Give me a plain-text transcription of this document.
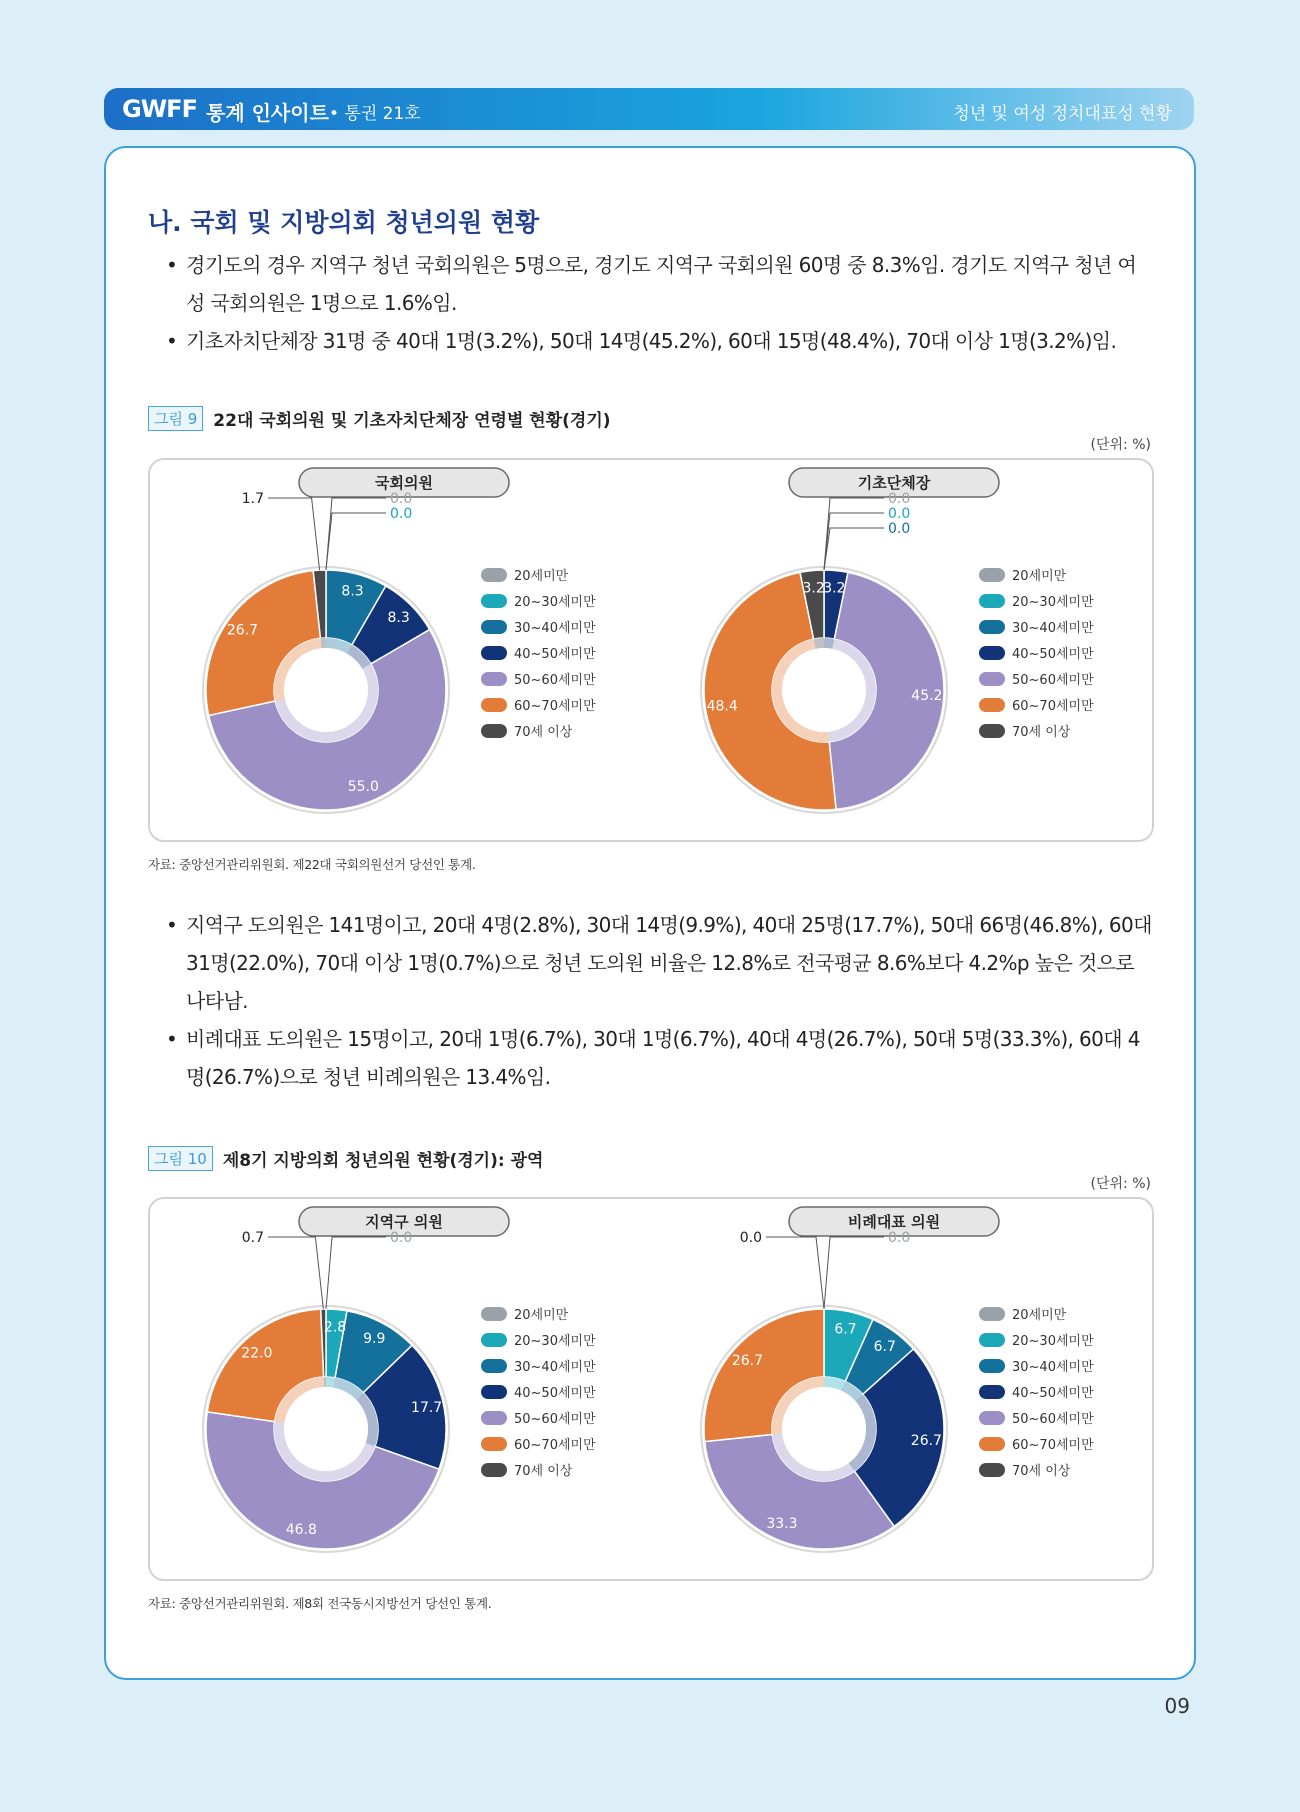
GWFF 통계 인사이트 • 통권 21호	청년 및 여성 정치대표성 현황
나. 국회 및 지방의회 청년의원 현황
• 경기도의 경우 지역구 청년 국회의원은 5명으로, 경기도 지역구 국회의원 60명 중 8.3%임. 경기도 지역구 청년 여성 국회의원은 1명으로 1.6%임.
• 기초자치단체장 31명 중 40대 1명(3.2%), 50대 14명(45.2%), 60대 15명(48.4%), 70대 이상 1명(3.2%)임.
그림 9 22대 국회의원 및 기초자치단체장 연령별 현황(경기)
(단위: %)
국회의원
8.3
8.3
55.0
26.7
1.7	0.0
0.0
20세미만
20~30세미만
30~40세미만
40~50세미만
50~60세미만
60~70세미만
70세 이상
기초단체장
3.2
45.2
48.4
3.2
0.0
0.0
0.0
20세미만
20~30세미만
30~40세미만
40~50세미만
50~60세미만
60~70세미만
70세 이상
자료: 중앙선거관리위원회. 제22대 국회의원선거 당선인 통계.
• 지역구 도의원은 141명이고, 20대 4명(2.8%), 30대 14명(9.9%), 40대 25명(17.7%), 50대 66명(46.8%), 60대 31명(22.0%), 70대 이상 1명(0.7%)으로 청년 도의원 비율은 12.8%로 전국평균 8.6%보다 4.2%p 높은 것으로 나타남.
• 비례대표 도의원은 15명이고, 20대 1명(6.7%), 30대 1명(6.7%), 40대 4명(26.7%), 50대 5명(33.3%), 60대 4명(26.7%)으로 청년 비례의원은 13.4%임.
그림 10 제8기 지방의회 청년의원 현황(경기): 광역
(단위: %)
지역구 의원
2.8
9.9
17.7
46.8
22.0
0.7	0.0
20세미만
20~30세미만
30~40세미만
40~50세미만
50~60세미만
60~70세미만
70세 이상
비례대표 의원
6.7
6.7
26.7
33.3
26.7
0.0	0.0
20세미만
20~30세미만
30~40세미만
40~50세미만
50~60세미만
60~70세미만
70세 이상
자료: 중앙선거관리위원회. 제8회 전국동시지방선거 당선인 통계.
09
